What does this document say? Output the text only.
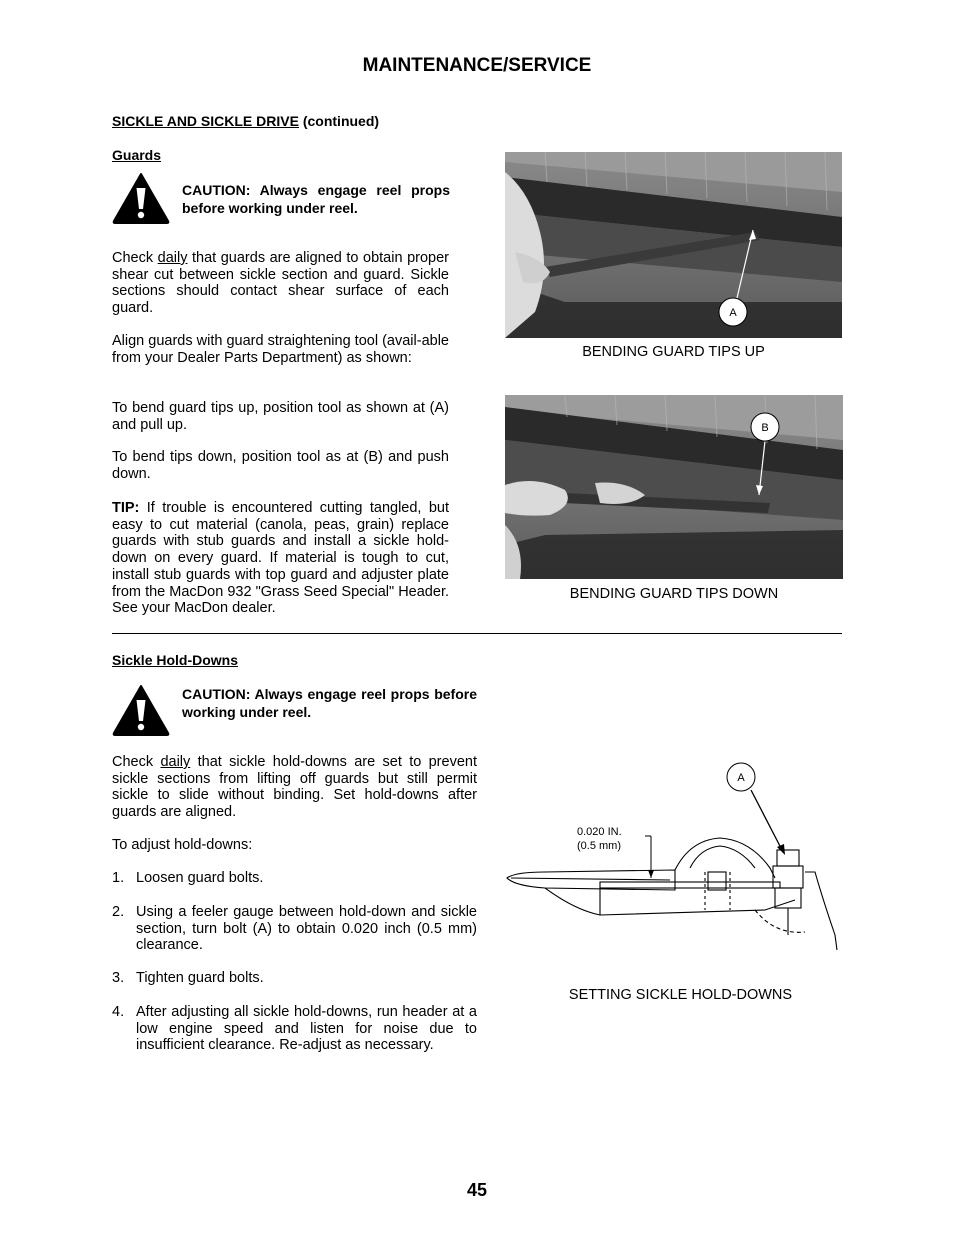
MAINTENANCE/SERVICE
SICKLE AND SICKLE DRIVE (continued)
Guards
CAUTION: Always engage reel props before working under reel.
Check daily that guards are aligned to obtain proper shear cut between sickle section and guard. Sickle sections should contact shear surface of each guard.
Align guards with guard straightening tool (avail-able from your Dealer Parts Department) as shown:
To bend guard tips up, position tool as shown at (A) and pull up.
To bend tips down, position tool as at (B) and push down.
TIP: If trouble is encountered cutting tangled, but easy to cut material (canola, peas, grain) replace guards with stub guards and install a sickle hold-down on every guard. If material is tough to cut, install stub guards with top guard and adjuster plate from the MacDon 932 "Grass Seed Special" Header. See your MacDon dealer.
A
BENDING GUARD TIPS UP
B
BENDING GUARD TIPS DOWN
Sickle Hold-Downs
CAUTION: Always engage reel props before working under reel.
Check daily that sickle hold-downs are set to prevent sickle sections from lifting off guards but still permit sickle to slide without binding. Set hold-downs after guards are aligned.
To adjust hold-downs:
1. Loosen guard bolts.
2. Using a feeler gauge between hold-down and sickle section, turn bolt (A) to obtain 0.020 inch (0.5 mm) clearance.
3. Tighten guard bolts.
4. After adjusting all sickle hold-downs, run header at a low engine speed and listen for noise due to insufficient clearance. Re-adjust as necessary.
0.020 IN.
(0.5 mm)
A
SETTING SICKLE HOLD-DOWNS
45
